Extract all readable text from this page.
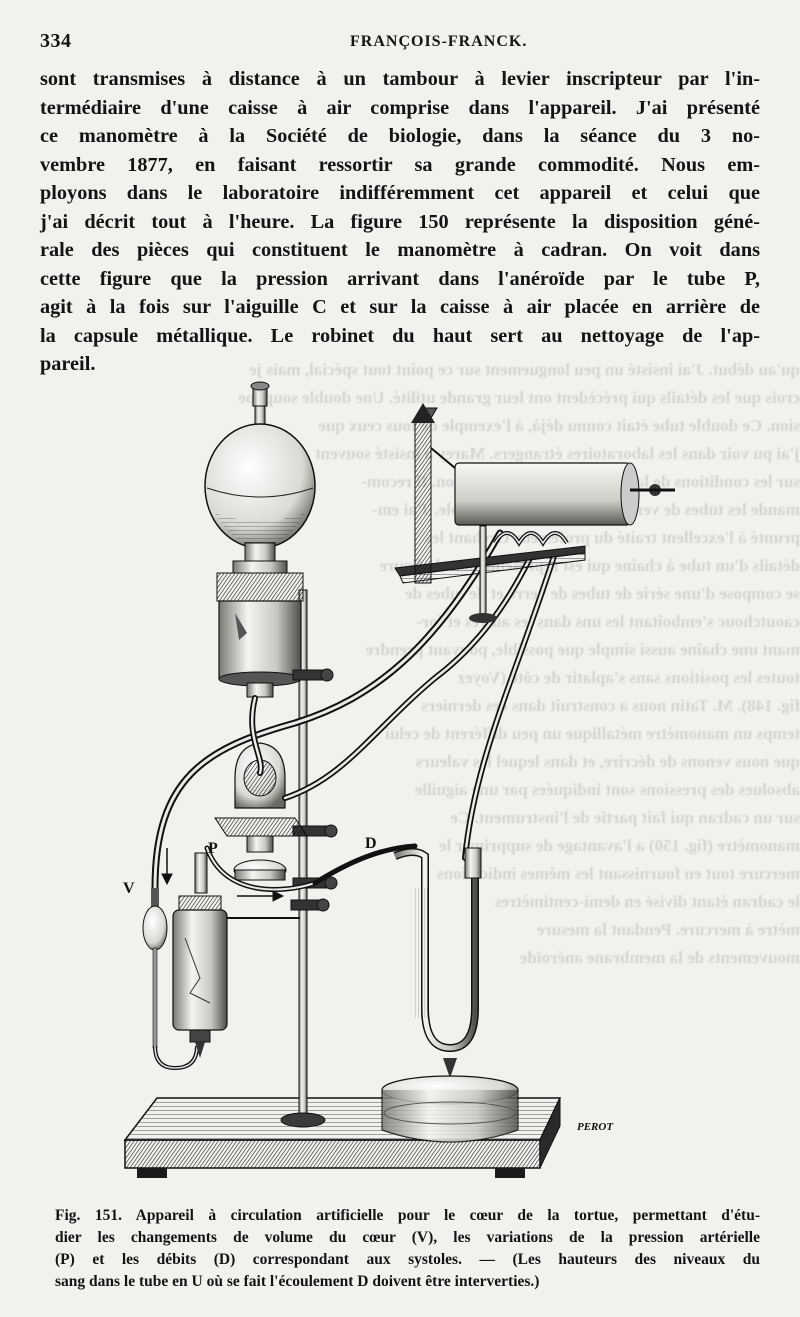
qu'au début. J'ai insisté un peu longuement sur ce point tout spécial, mais je
crois que les détails qui précèdent ont leur grande utilité. Une double soupape
sion. Ce double tube était connu déjà, à l'exemple de tous ceux que
j'ai pu voir dans les laboratoires étrangers. Marey a insisté souvent
sur les conditions de la recom-
mande les tubes de verre em-
prunté à l'excellent traité du professeur Gréhant les
détails d'un tube à chaîne qui est représenté dans la figure
se compose d'une série de tubes de verre et de tubes de
caoutchouc s'emboîtant les uns dans les autres et for-
mant une chaîne aussi simple que possible, pouvant prendre
toutes les positions sans s'aplatir de côté (Voyez
fig. 148). M. Tatin nous a construit dans ces derniers
temps un manomètre métallique un peu différent de celui
que nous venons de décrire, et dans lequel les valeurs
absolues des pressions sont indiquées par une aiguille
sur un cadran qui fait partie de l'instrument. Ce
manomètre (fig. 150) a l'avantage de supprimer le
mercure tout en fournissant les mêmes indications
le cadran étant divisé en demi-centimètres
mètre à mercure. Pendant la mesure
mouvements de la membrane anéroïde
334	FRANÇOIS-FRANCK.
sont transmises à distance à un tambour à levier inscripteur par l'in-
termédiaire d'une caisse à air comprise dans l'appareil. J'ai présenté
ce manomètre à la Société de biologie, dans la séance du 3 no-
vembre 1877, en faisant ressortir sa grande commodité. Nous em-
ployons dans le laboratoire indifféremment cet appareil et celui que
j'ai décrit tout à l'heure. La figure 150 représente la disposition géné-
rale des pièces qui constituent le manomètre à cadran. On voit dans
cette figure que la pression arrivant dans l'anéroïde par le tube P,
agit à la fois sur l'aiguille C et sur la caisse à air placée en arrière de
la capsule métallique. Le robinet du haut sert au nettoyage de l'ap-
pareil.
V
P	D
PEROT
Fig. 151. Appareil à circulation artificielle pour le cœur de la tortue, permettant d'étu-
dier les changements de volume du cœur (V), les variations de la pression artérielle
(P) et les débits (D) correspondant aux systoles. — (Les hauteurs des niveaux du
sang dans le tube en U où se fait l'écoulement D doivent être interverties.)
